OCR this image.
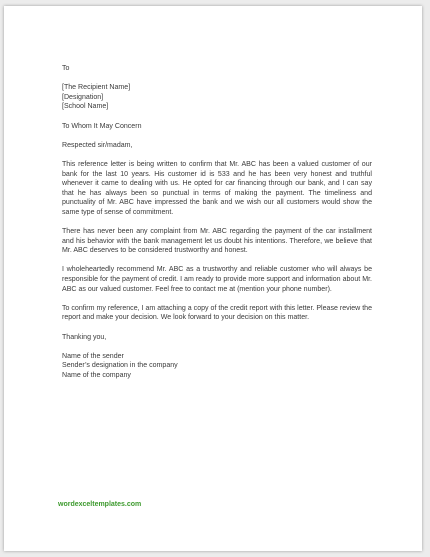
To
[The Recipient Name]
[Designation]
[School Name]
To Whom It May Concern
Respected sir/madam,

This reference letter is being written to confirm that Mr. ABC has been a valued customer of our bank for the last 10 years. His customer id is 533 and he has been very honest and truthful whenever it came to dealing with us. He opted for car financing through our bank, and I can say that he has always been so punctual in terms of making the payment. The timeliness and punctuality of Mr. ABC have impressed the bank and we wish our all customers would show the same type of sense of commitment.

There has never been any complaint from Mr. ABC regarding the payment of the car installment and his behavior with the bank management let us doubt his intentions. Therefore, we believe that Mr. ABC deserves to be considered trustworthy and honest.

I wholeheartedly recommend Mr. ABC as a trustworthy and reliable customer who will always be responsible for the payment of credit. I am ready to provide more support and information about Mr. ABC as our valued customer. Feel free to contact me at (mention your phone number).

To confirm my reference, I am attaching a copy of the credit report with this letter. Please review the report and make your decision. We look forward to your decision on this matter.

Thanking you,
Name of the sender
Sender’s designation in the company
Name of the company
wordexceltemplates.com
